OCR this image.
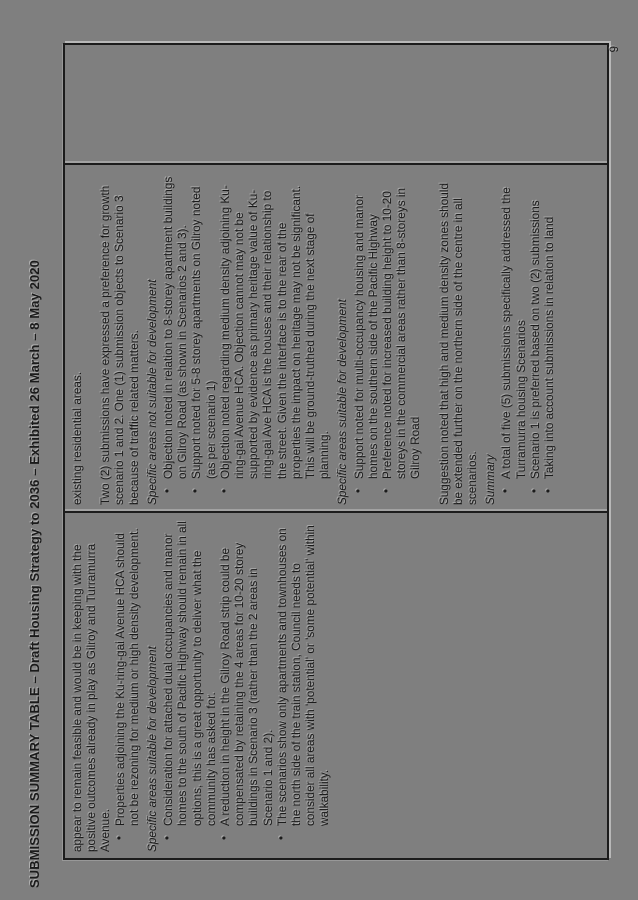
SUBMISSION SUMMARY TABLE – Draft Housing Strategy to 2036 – Exhibited 26 March – 8 May 2020 appear to remain feasible and would be in keeping with the positive outcomes already in play as Gilroy and Turramurra Avenue. •
Properties adjoining the Ku-ring-gai Avenue HCA should not be rezoning for medium or high density development. Specific areas suitable for development •
Consideration for attached dual occupancies and manor homes to the south of Pacific Highway should remain in all options, this is a great opportunity to deliver what the community has asked for.
•
A reduction in height in the Gilroy Road strip could be compensated by retaining the 4 areas for 10-20 storey buildings in Scenario 3 (rather than the 2 areas in Scenario 1 and 2).
•
The scenarios show only apartments and townhouses on the north side of the train station, Council needs to consider all areas with 'potential' or 'some potential' within walkability.
existing residential areas. Two (2) submissions have expressed a preference for growth scenario 1 and 2. One (1) submission objects to Scenario 3 because of traffic related matters. Specific areas not suitable for development •
Objection noted in relation to 8-storey apartment buildings on Gilroy Road (as shown in Scenarios 2 and 3).
•
Support noted for 5-8 storey apartments on Gilroy noted (as per scenario 1)
•
Objection noted regarding medium density adjoining Ku-ring-gai Avenue HCA. Objection cannot may not be supported by evidence as primary heritage value of Ku-ring-gai Ave HCA is the houses and their relationship to the street. Given the interface is to the rear of the properties the impact on heritage may not be significant. This will be ground-truthed during the next stage of planning. Specific areas suitable for development •
Support noted for multi-occupancy housing and manor homes on the southern side of the Pacific Highway
•
Preference noted for increased building height to 10-20 storeys in the commercial areas rather than 8-storeys in Gilroy Road Suggestion noted that high and medium density zones should be extended further on the northern side of the centre in all scenarios. Summary •
A total of five (5) submissions specifically addressed the Turramurra housing Scenarios
•
Scenario 1 is preferred based on two (2) submissions
•
Taking into account submissions in relation to land
9
